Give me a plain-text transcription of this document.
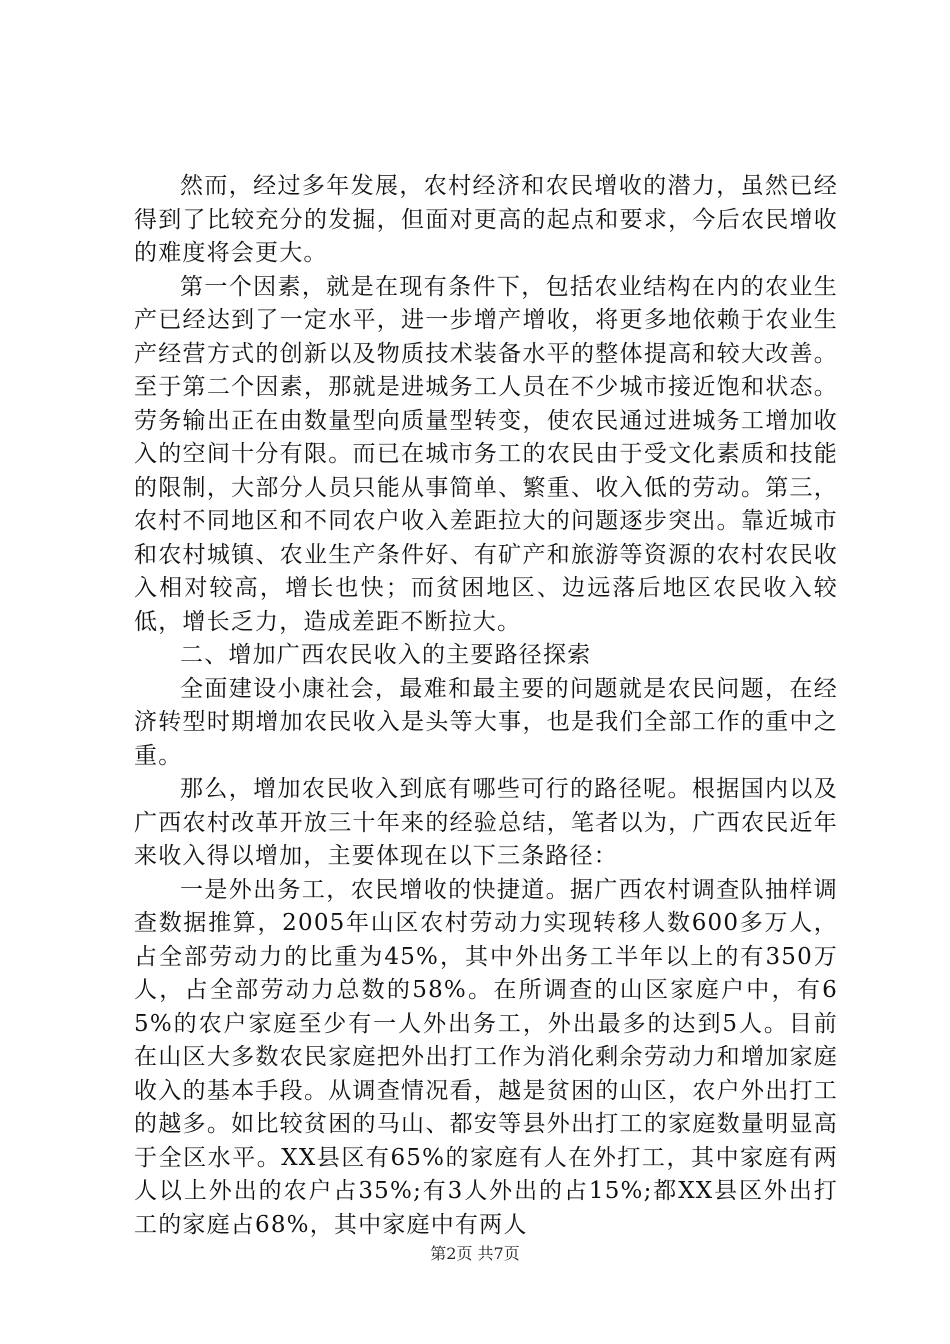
然而，经过多年发展，农村经济和农民增收的潜力，虽然已经得到了比较充分的发掘，但面对更高的起点和要求，今后农民增收的难度将会更大。

第一个因素，就是在现有条件下，包括农业结构在内的农业生产已经达到了一定水平，进一步增产增收，将更多地依赖于农业生产经营方式的创新以及物质技术装备水平的整体提高和较大改善。至于第二个因素，那就是进城务工人员在不少城市接近饱和状态。劳务输出正在由数量型向质量型转变，使农民通过进城务工增加收入的空间十分有限。而已在城市务工的农民由于受文化素质和技能的限制，大部分人员只能从事简单、繁重、收入低的劳动。第三，农村不同地区和不同农户收入差距拉大的问题逐步突出。靠近城市和农村城镇、农业生产条件好、有矿产和旅游等资源的农村农民收入相对较高，增长也快；而贫困地区、边远落后地区农民收入较低，增长乏力，造成差距不断拉大。

二、增加广西农民收入的主要路径探索

全面建设小康社会，最难和最主要的问题就是农民问题，在经济转型时期增加农民收入是头等大事，也是我们全部工作的重中之重。

那么，增加农民收入到底有哪些可行的路径呢。根据国内以及广西农村改革开放三十年来的经验总结，笔者以为，广西农民近年来收入得以增加，主要体现在以下三条路径：

一是外出务工，农民增收的快捷道。据广西农村调查队抽样调查数据推算，2005年山区农村劳动力实现转移人数600多万人，占全部劳动力的比重为45%，其中外出务工半年以上的有350万人，占全部劳动力总数的58%。在所调查的山区家庭户中，有65%的农户家庭至少有一人外出务工，外出最多的达到5人。目前在山区大多数农民家庭把外出打工作为消化剩余劳动力和增加家庭收入的基本手段。从调查情况看，越是贫困的山区，农户外出打工的越多。如比较贫困的马山、都安等县外出打工的家庭数量明显高于全区水平。XX县区有65%的家庭有人在外打工，其中家庭有两人以上外出的农户占35%;有3人外出的占15%;都XX县区外出打工的家庭占68%，其中家庭中有两人

第2页 共7页
